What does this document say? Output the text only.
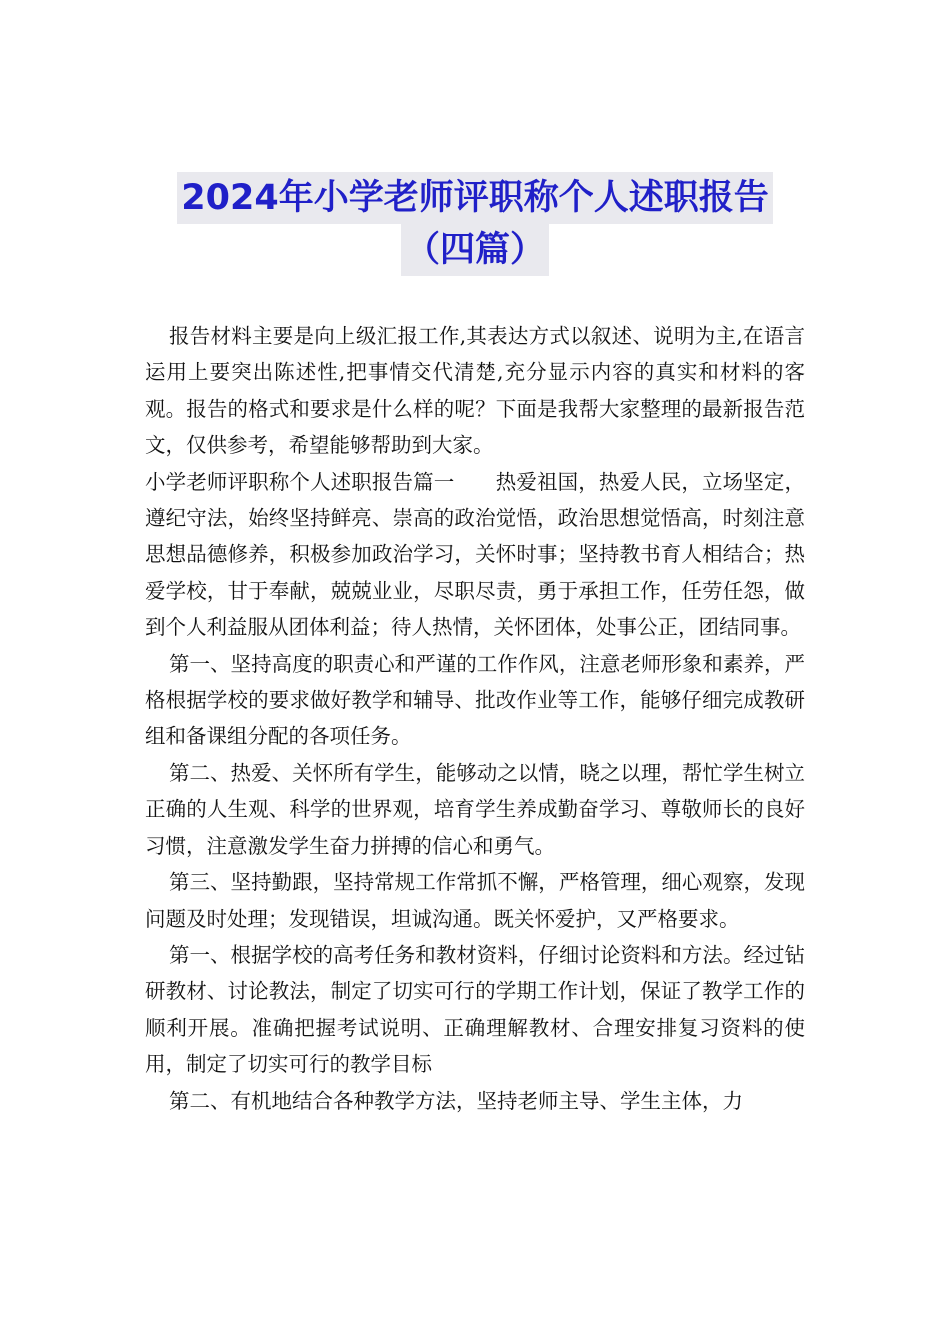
2024年小学老师评职称个人述职报告
（四篇）

报告材料主要是向上级汇报工作,其表达方式以叙述、说明为主,在语言运用上要突出陈述性,把事情交代清楚,充分显示内容的真实和材料的客观。报告的格式和要求是什么样的呢？下面是我帮大家整理的最新报告范文，仅供参考，希望能够帮助到大家。

小学老师评职称个人述职报告篇一　　热爱祖国，热爱人民，立场坚定，遵纪守法，始终坚持鲜亮、崇高的政治觉悟，政治思想觉悟高，时刻注意思想品德修养，积极参加政治学习，关怀时事；坚持教书育人相结合；热爱学校，甘于奉献，兢兢业业，尽职尽责，勇于承担工作，任劳任怨，做到个人利益服从团体利益；待人热情，关怀团体，处事公正，团结同事。

第一、坚持高度的职责心和严谨的工作作风，注意老师形象和素养，严格根据学校的要求做好教学和辅导、批改作业等工作，能够仔细完成教研组和备课组分配的各项任务。

第二、热爱、关怀所有学生，能够动之以情，晓之以理，帮忙学生树立正确的人生观、科学的世界观，培育学生养成勤奋学习、尊敬师长的良好习惯，注意激发学生奋力拼搏的信心和勇气。

第三、坚持勤跟，坚持常规工作常抓不懈，严格管理，细心观察，发现问题及时处理；发现错误，坦诚沟通。既关怀爱护，又严格要求。

第一、根据学校的高考任务和教材资料，仔细讨论资料和方法。经过钻研教材、讨论教法，制定了切实可行的学期工作计划，保证了教学工作的顺利开展。准确把握考试说明、正确理解教材、合理安排复习资料的使用，制定了切实可行的教学目标

第二、有机地结合各种教学方法，坚持老师主导、学生主体，力
